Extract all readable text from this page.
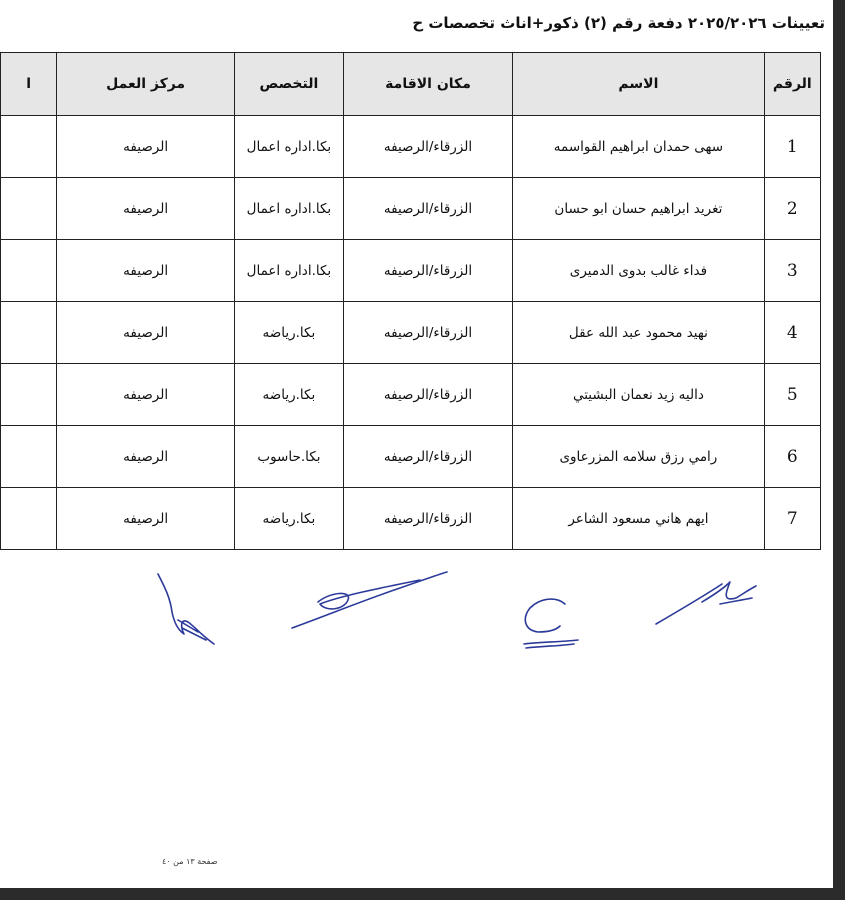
تعيينات ٢٠٢٥/٢٠٢٦ دفعة رقم (٢) ذكور+اناث تخصصات ح
الرقم	الاسم	مكان الاقامة	التخصص	مركز العمل	ا
1	سهى حمدان ابراهيم القواسمه	الزرقاء/الرصيفه	بكا.اداره اعمال	الرصيفه	
2	تغريد ابراهيم حسان ابو حسان	الزرقاء/الرصيفه	بكا.اداره اعمال	الرصيفه	
3	فداء غالب بدوى الدميرى	الزرقاء/الرصيفه	بكا.اداره اعمال	الرصيفه	
4	نهيد محمود عبد الله عقل	الزرقاء/الرصيفه	بكا.رياضه	الرصيفه	
5	داليه زيد نعمان البشيتي	الزرقاء/الرصيفه	بكا.رياضه	الرصيفه	
6	رامي رزق سلامه المزرعاوى	الزرقاء/الرصيفه	بكا.حاسوب	الرصيفه	
7	ايهم هاني مسعود الشاعر	الزرقاء/الرصيفه	بكا.رياضه	الرصيفه	
صفحة ١٣ من ٤٠
